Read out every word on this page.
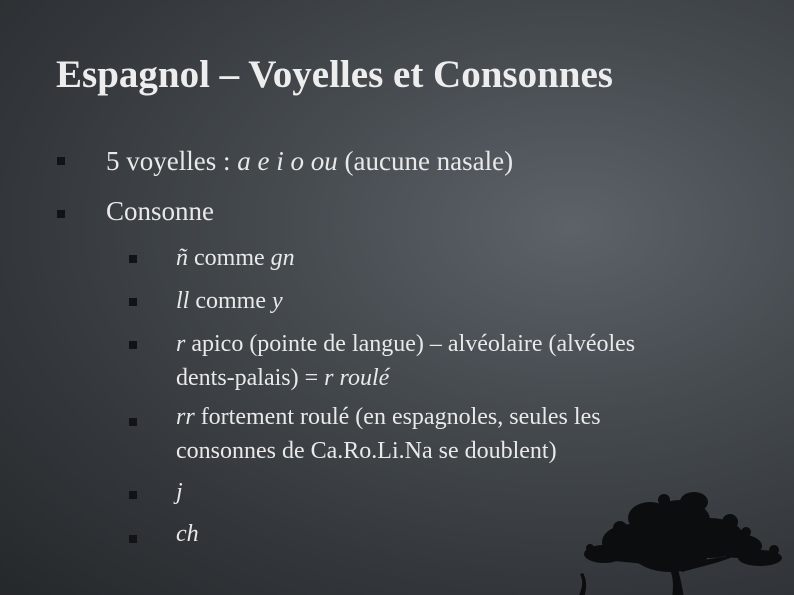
Espagnol – Voyelles et Consonnes
5 voyelles : a e i o ou (aucune nasale)
Consonne
ñ comme gn
ll comme y
r apico (pointe de langue) – alvéolaire (alvéoles
dents-palais) = r roulé
rr fortement roulé (en espagnoles, seules les
consonnes de Ca.Ro.Li.Na se doublent)
j
ch
